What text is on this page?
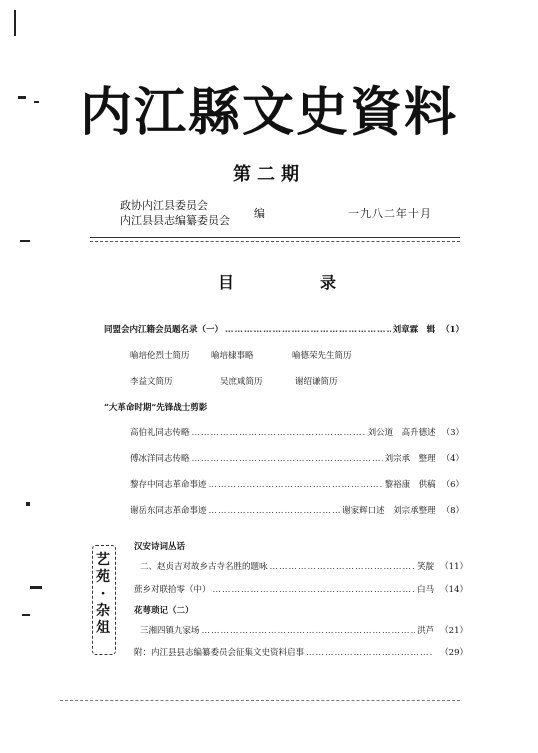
内江縣文史資料
第二期
政协内江县委员会
内江县县志编纂委员会
编	一九八二年十月
目	录
同盟会内江籍会员题名录（一） ……………………………………………………………………………………………………………………………………………………	刘章霖　辑 （1）
喻培伦烈士简历	喻培棣事略	喻德荣先生简历
李益文简历	吴庶咸简历	谢绍谦简历
“大革命时期”先锋战士剪影
高伯礼同志传略 ……………………………………………………………………………………………………………………………………………………	刘公道　高升德述 （3）
傅冰洋同志传略 ……………………………………………………………………………………………………………………………………………………	刘宗承　整理 （4）
黎存中同志革命事迹 ……………………………………………………………………………………………………………………………………………………	黎裕康　供稿 （6）
谢岳东同志革命事迹 ……………………………………………………………………………………………………………………………………………………	谢家辉口述　刘宗承整理 （8）
艺苑·杂俎
汉安诗词丛话
二、赵贞吉对故乡古寺名胜的题咏 ……………………………………………………………………………………………………………………………………………………	笑靛 （11）
蔗乡对联拾零（中） ……………………………………………………………………………………………………………………………………………………	白马 （14）
花萼琐记（二）
三湘四镇九家场 ……………………………………………………………………………………………………………………………………………………	洪芦 （21）
附：内江县县志编纂委员会征集文史资料启事 ……………………………………………………………………………………………………………………………………………………	（29）
